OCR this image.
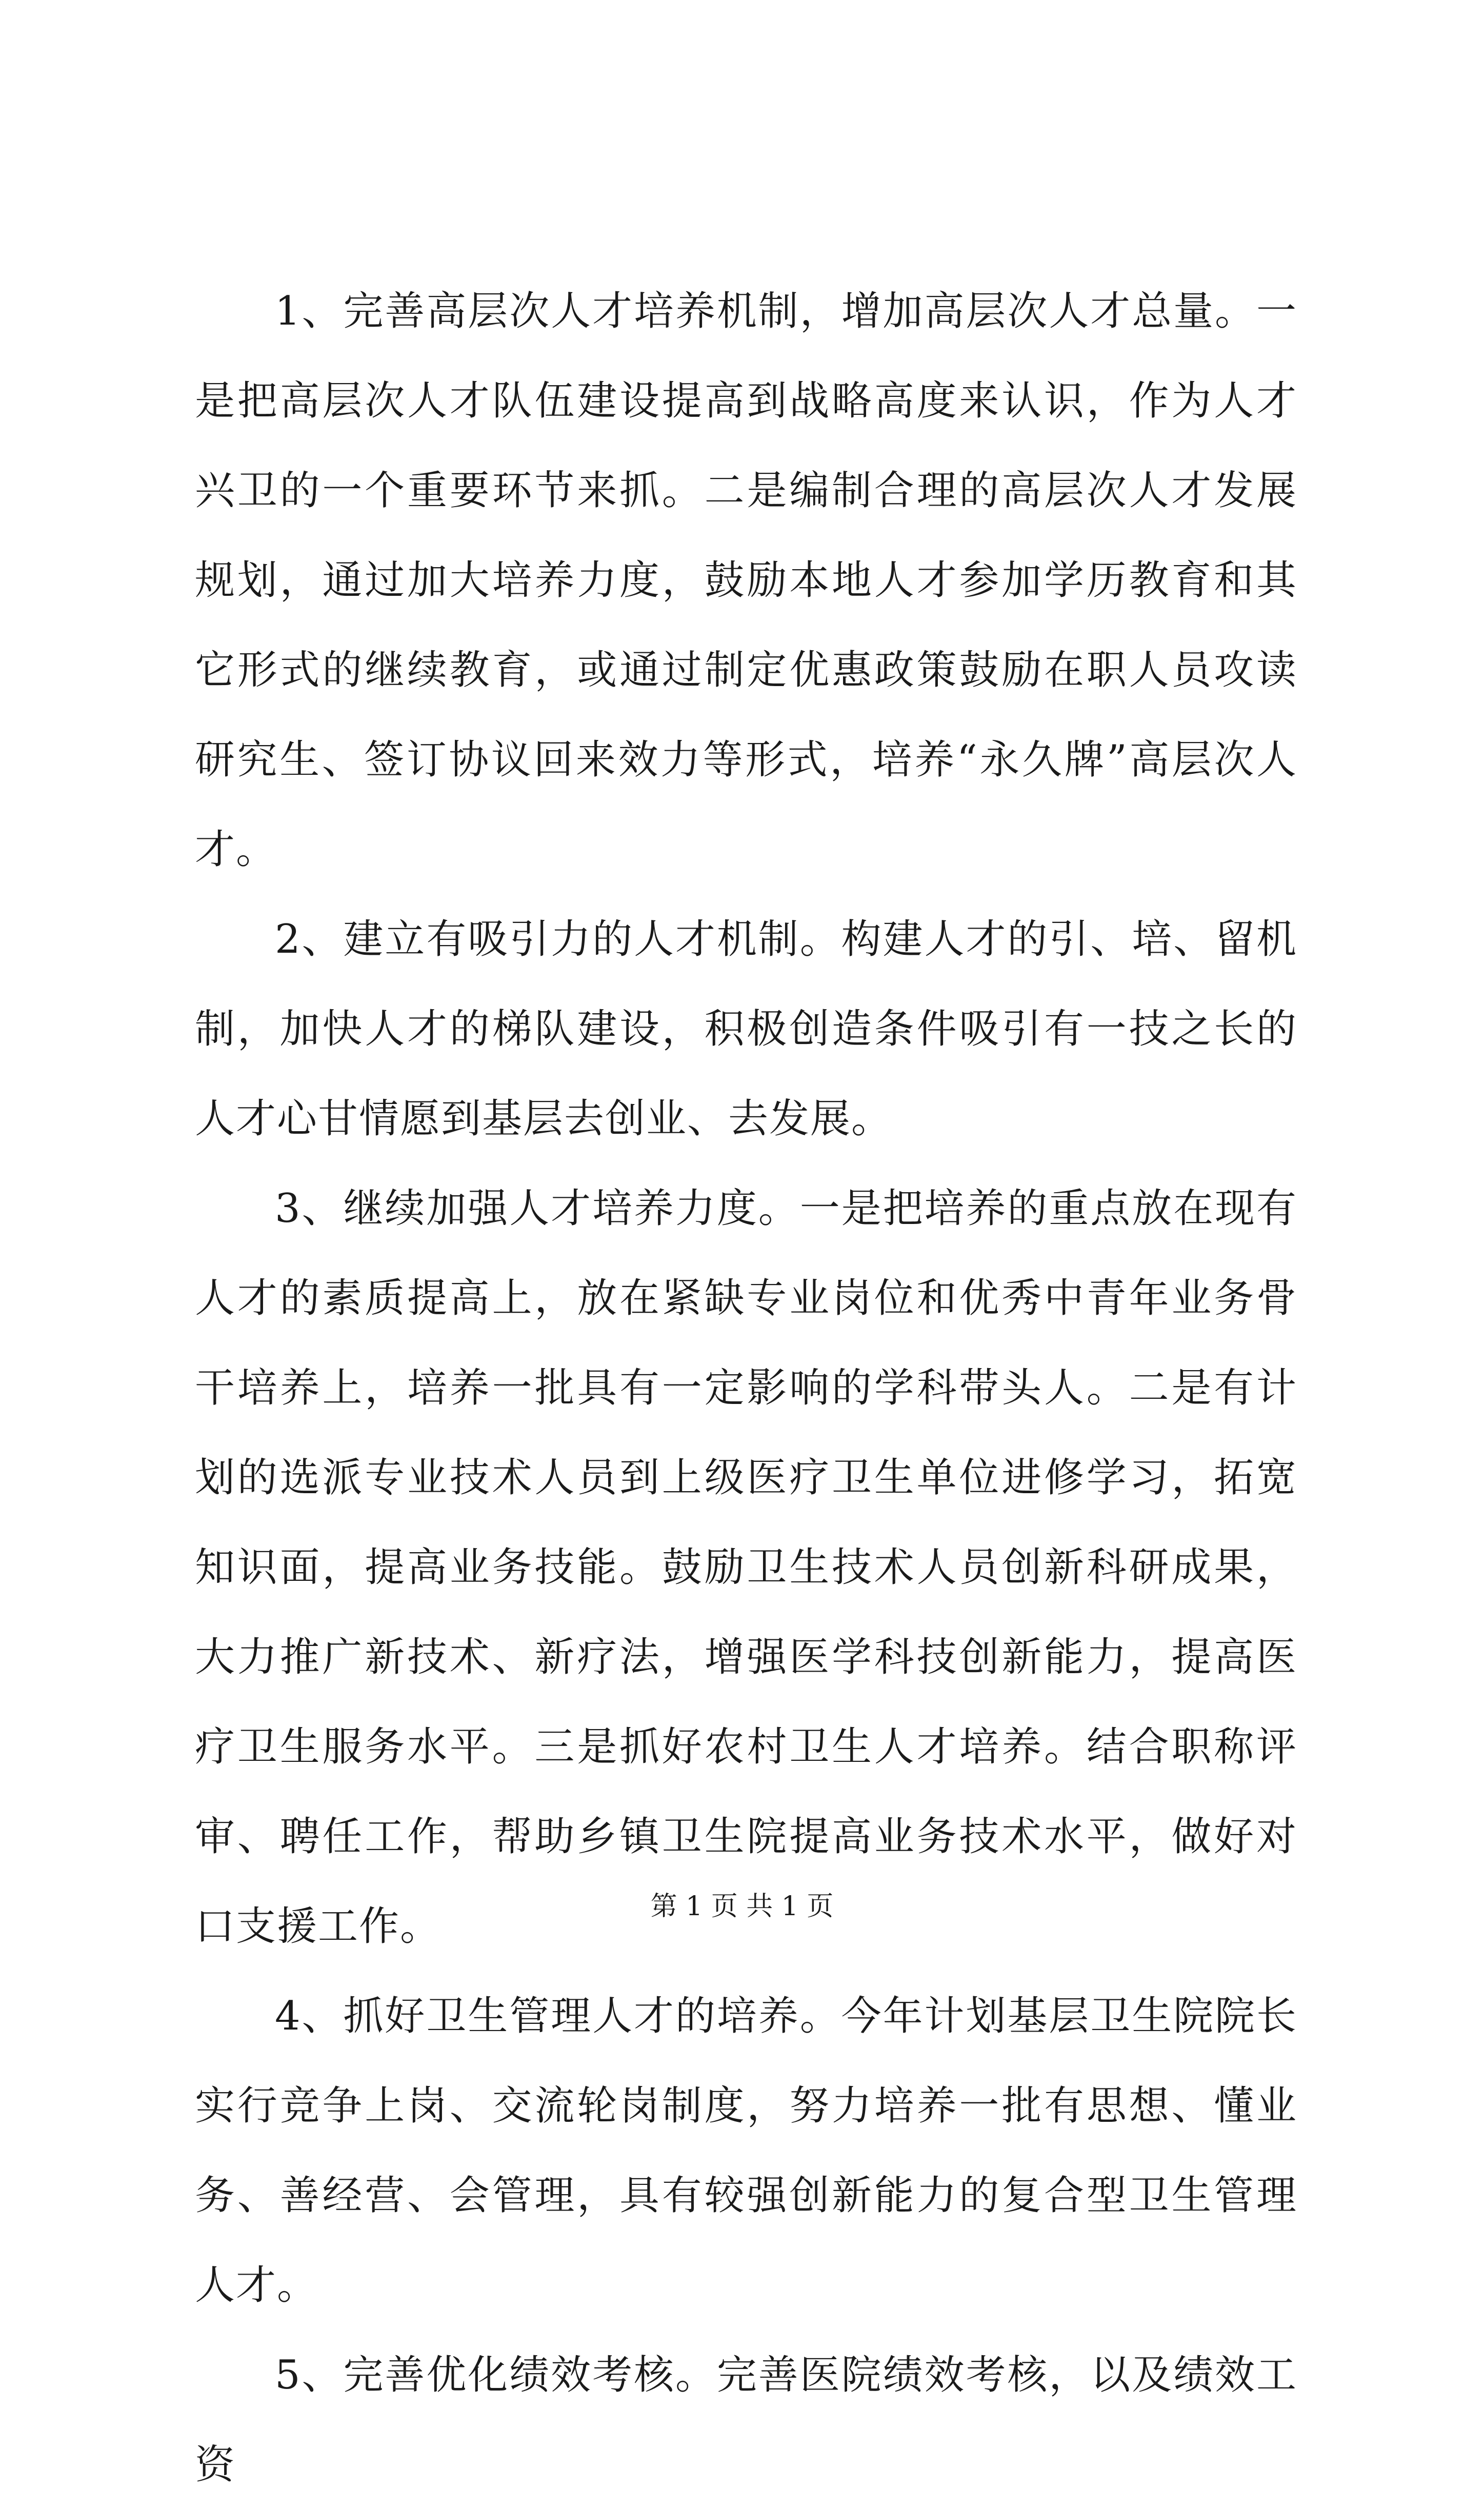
1、完善高层次人才培养机制，增加高层次人才总量。一是把高层次人才队伍建设提高到战略高度来认识，作为人才兴卫的一个重要环节来抓。二是编制合理的高层次人才发展规划，通过加大培养力度，鼓励本地人才参加学历教育和其它形式的继续教育，或通过制定优惠政策鼓励在职人员攻读研究生、签订协议回来效力等形式，培养“永久牌”高层次人才。

2、建立有吸引力的人才机制。构建人才的引、培、留机制，加快人才的梯队建设，积极创造条件吸引有一技之长的人才心甘情愿到基层去创业、去发展。

3、继续加强人才培养力度。一是把培养的重点放在现有人才的素质提高上，放在紧缺专业岗位和优秀中青年业务骨干培养上，培养一批具有一定影响的学科带头人。二是有计划的选派专业技术人员到上级医疗卫生单位进修学习，拓宽知识面，提高业务技能。鼓励卫生技术人员创新科研成果，大力推广新技术、新疗法，增强医学科技创新能力，提高医疗卫生服务水平。三是抓好农村卫生人才培养。结合职称评审、聘任工作，帮助乡镇卫生院提高业务技术水平，做好对口支援工作。

4、抓好卫生管理人才的培养。今年计划基层卫生院院长实行竞争上岗、交流轮岗制度，努力培养一批有思想、懂业务、善经营、会管理，具有较强创新能力的复合型卫生管理人才。

5、完善优化绩效考核。完善医院绩效考核，以及绩效工资

第 1 页 共 1 页
